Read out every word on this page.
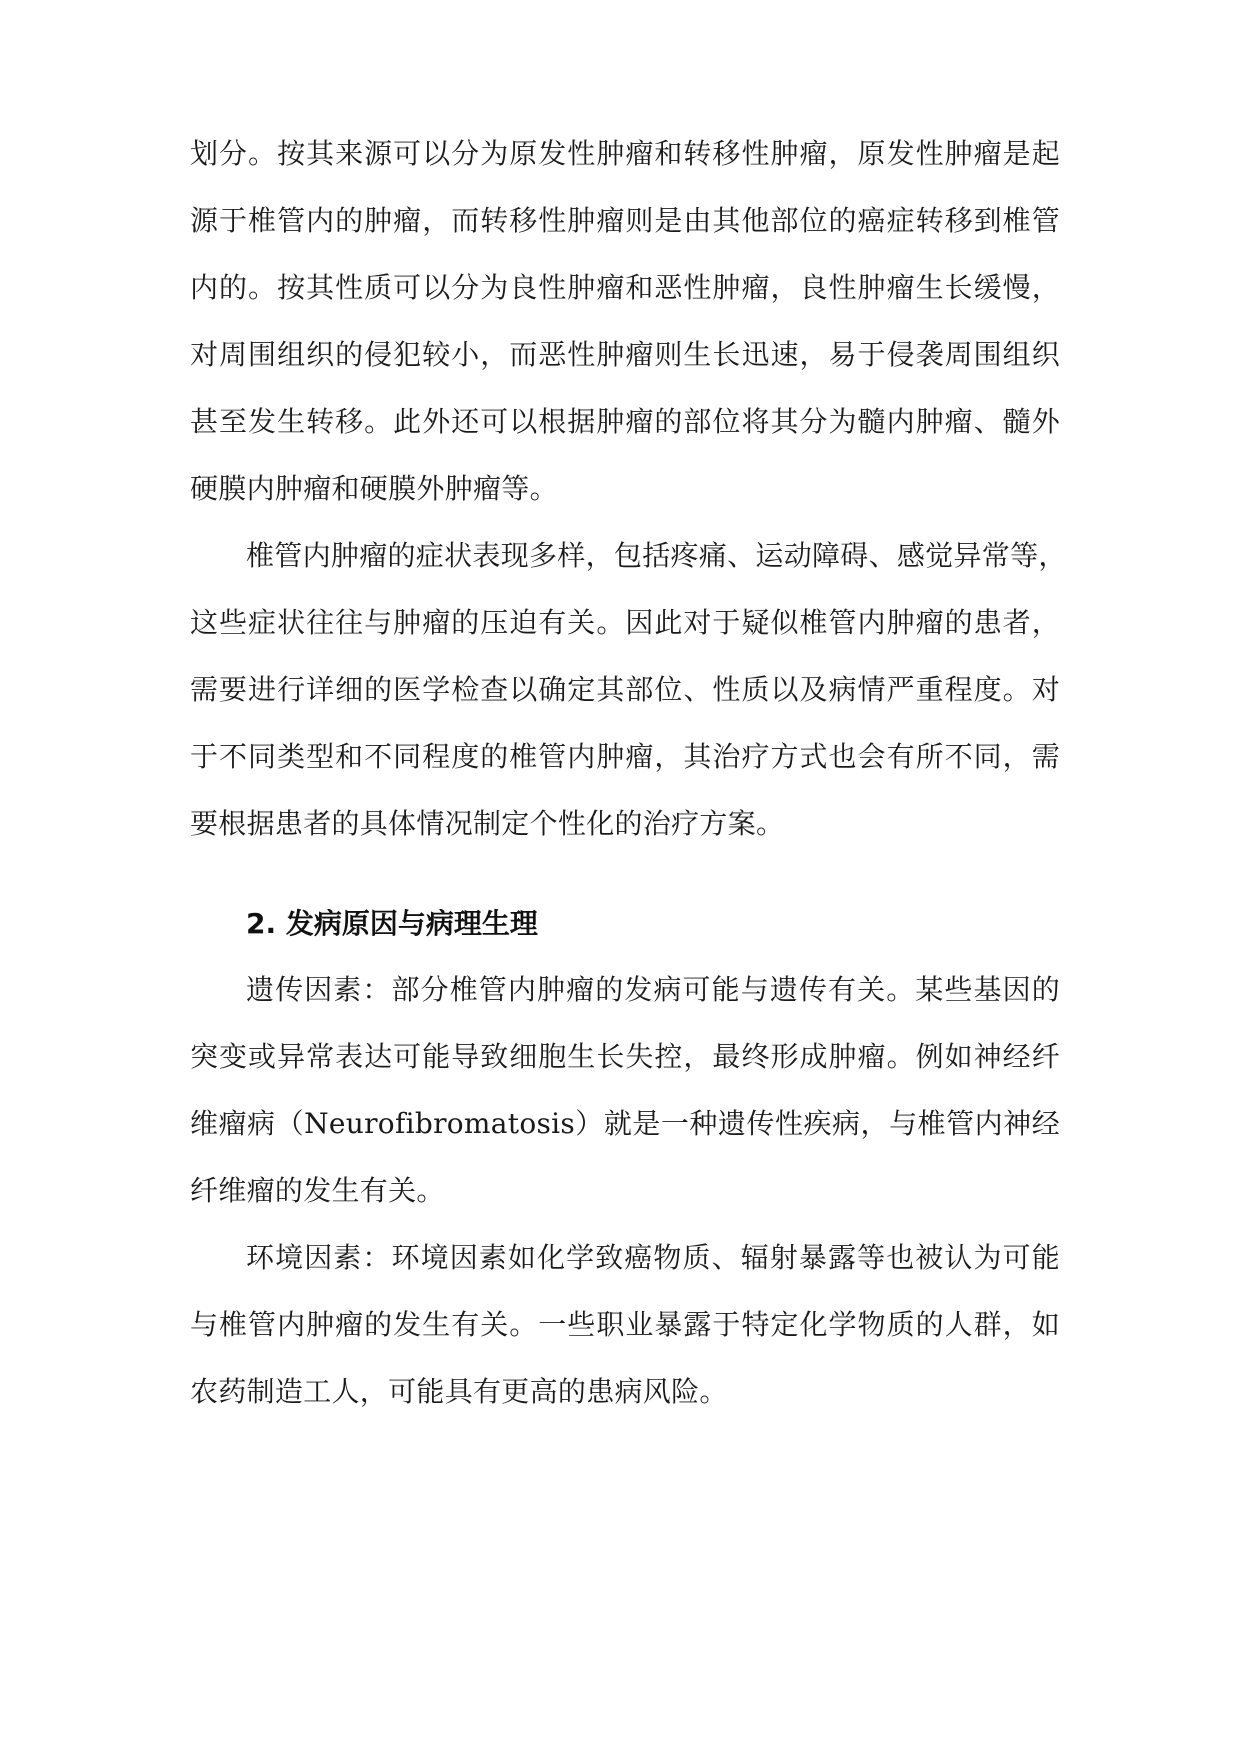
划分。按其来源可以分为原发性肿瘤和转移性肿瘤，原发性肿瘤是起
源于椎管内的肿瘤，而转移性肿瘤则是由其他部位的癌症转移到椎管
内的。按其性质可以分为良性肿瘤和恶性肿瘤，良性肿瘤生长缓慢，
对周围组织的侵犯较小，而恶性肿瘤则生长迅速，易于侵袭周围组织
甚至发生转移。此外还可以根据肿瘤的部位将其分为髓内肿瘤、髓外
硬膜内肿瘤和硬膜外肿瘤等。
椎管内肿瘤的症状表现多样，包括疼痛、运动障碍、感觉异常等，
这些症状往往与肿瘤的压迫有关。因此对于疑似椎管内肿瘤的患者，
需要进行详细的医学检查以确定其部位、性质以及病情严重程度。对
于不同类型和不同程度的椎管内肿瘤，其治疗方式也会有所不同，需
要根据患者的具体情况制定个性化的治疗方案。
2. 发病原因与病理生理
遗传因素：部分椎管内肿瘤的发病可能与遗传有关。某些基因的
突变或异常表达可能导致细胞生长失控，最终形成肿瘤。例如神经纤
维瘤病（Neurofibromatosis）就是一种遗传性疾病，与椎管内神经
纤维瘤的发生有关。
环境因素：环境因素如化学致癌物质、辐射暴露等也被认为可能
与椎管内肿瘤的发生有关。一些职业暴露于特定化学物质的人群，如
农药制造工人，可能具有更高的患病风险。
